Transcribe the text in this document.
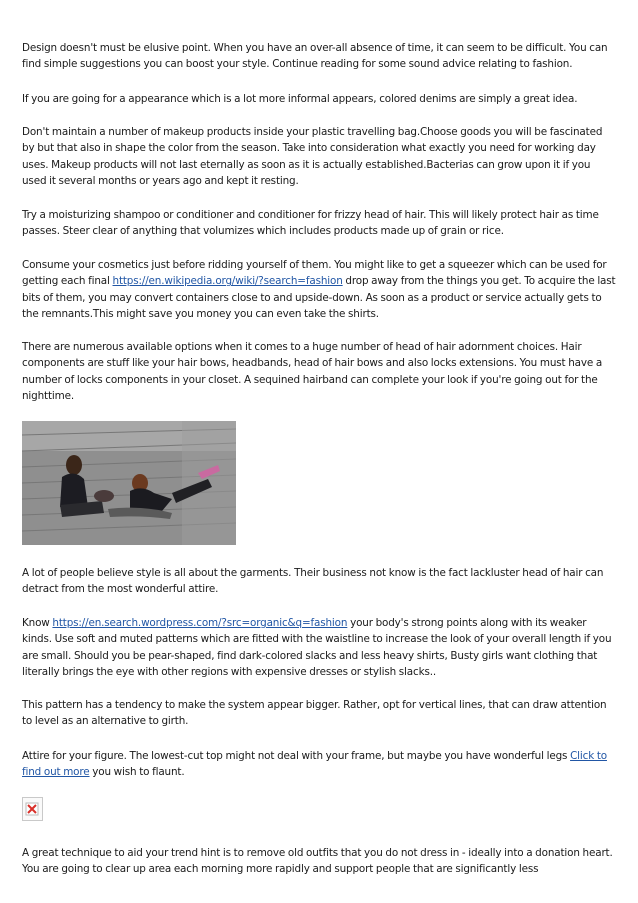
Design doesn't must be elusive point. When you have an over-all absence of time, it can seem to be difficult. You can find simple suggestions you can boost your style. Continue reading for some sound advice relating to fashion.

If you are going for a appearance which is a lot more informal appears, colored denims are simply a great idea.

Don't maintain a number of makeup products inside your plastic travelling bag.Choose goods you will be fascinated by but that also in shape the color from the season. Take into consideration what exactly you need for working day uses. Makeup products will not last eternally as soon as it is actually established.Bacterias can grow upon it if you used it several months or years ago and kept it resting.

Try a moisturizing shampoo or conditioner and conditioner for frizzy head of hair. This will likely protect hair as time passes. Steer clear of anything that volumizes which includes products made up of grain or rice.

Consume your cosmetics just before ridding yourself of them. You might like to get a squeezer which can be used for getting each final https://en.wikipedia.org/wiki/?search=fashion drop away from the things you get. To acquire the last bits of them, you may convert containers close to and upside-down. As soon as a product or service actually gets to the remnants.This might save you money you can even take the shirts.

There are numerous available options when it comes to a huge number of head of hair adornment choices. Hair components are stuff like your hair bows, headbands, head of hair bows and also locks extensions. You must have a number of locks components in your closet. A sequined hairband can complete your look if you're going out for the nighttime.

A lot of people believe style is all about the garments. Their business not know is the fact lackluster head of hair can detract from the most wonderful attire.

Know https://en.search.wordpress.com/?src=organic&q=fashion your body's strong points along with its weaker kinds. Use soft and muted patterns which are fitted with the waistline to increase the look of your overall length if you are small. Should you be pear-shaped, find dark-colored slacks and less heavy shirts, Busty girls want clothing that literally brings the eye with other regions with expensive dresses or stylish slacks..

This pattern has a tendency to make the system appear bigger. Rather, opt for vertical lines, that can draw attention to level as an alternative to girth.

Attire for your figure. The lowest-cut top might not deal with your frame, but maybe you have wonderful legs Click to find out more you wish to flaunt.

A great technique to aid your trend hint is to remove old outfits that you do not dress in - ideally into a donation heart. You are going to clear up area each morning more rapidly and support people that are significantly less
